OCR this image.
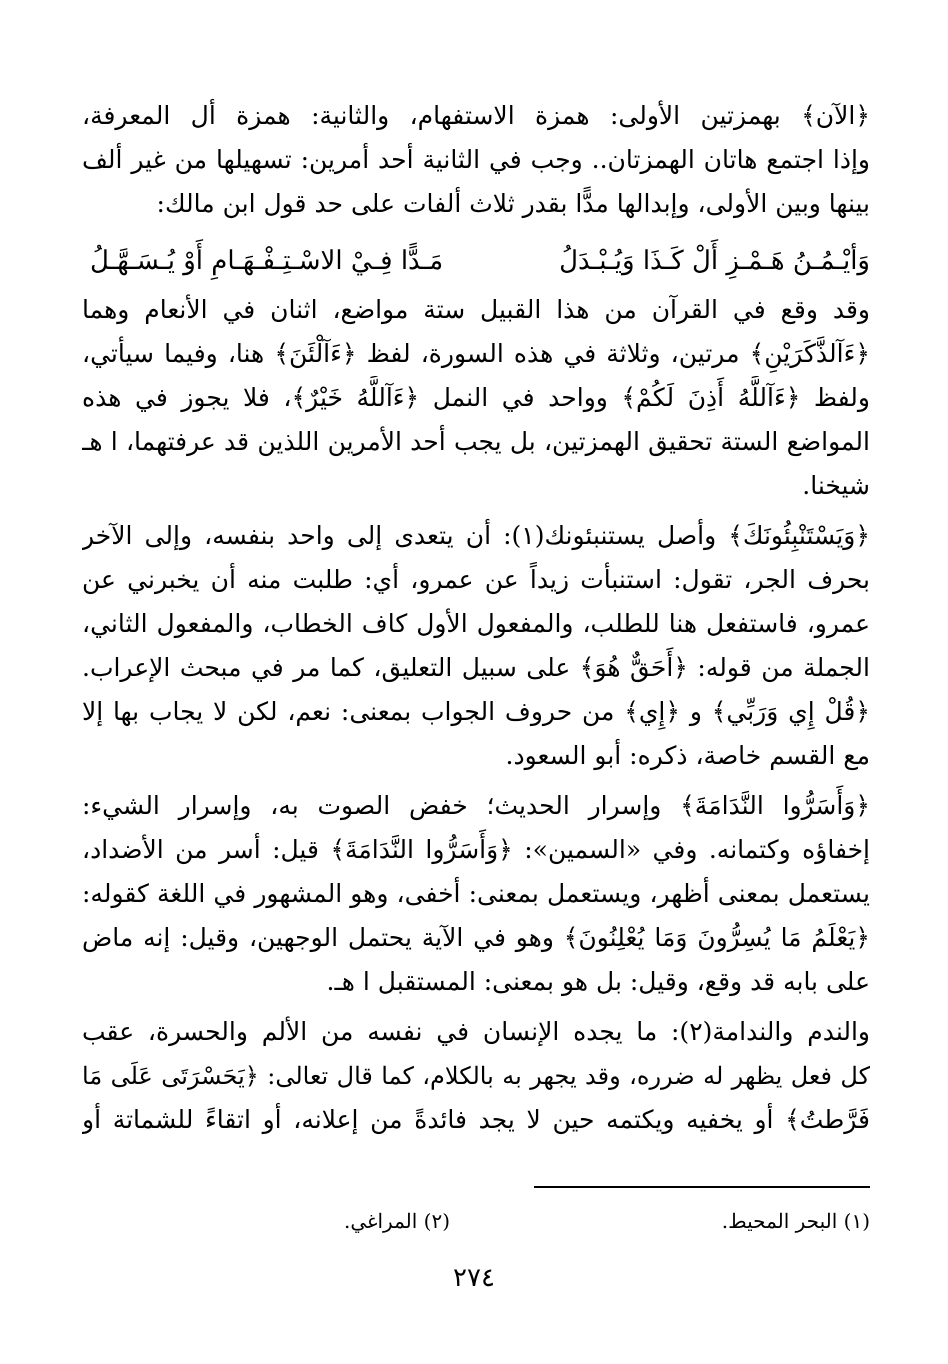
﴿الآن﴾ بهمزتين الأولى: همزة الاستفهام، والثانية: همزة أل المعرفة،
وإذا اجتمع هاتان الهمزتان.. وجب في الثانية أحد أمرين: تسهيلها من غير ألف
بينها وبين الأولى، وإبدالها مدًّا بقدر ثلاث ألفات على حد قول ابن مالك:
وَأيْـمُـنُ هَـمْـزِ أَلْ كَـذَا وَيُـبْـدَلُمَـدًّا فِـيْ الاسْـتِـفْـهَـامِ أَوْ يُـسَـهَّـلُ
وقد وقع في القرآن من هذا القبيل ستة مواضع، اثنان في الأنعام وهما
﴿ءَآلذَّكَرَيْنِ﴾ مرتين، وثلاثة في هذه السورة، لفظ ﴿ءَآلْئَنَ﴾ هنا، وفيما سيأتي،
ولفظ ﴿ءَآللَّهُ أَذِنَ لَكُمْ﴾ وواحد في النمل ﴿ءَآللَّهُ خَيْرٌ﴾، فلا يجوز في هذه
المواضع الستة تحقيق الهمزتين، بل يجب أحد الأمرين اللذين قد عرفتهما، ا هـ
شيخنا.
﴿وَيَسْتَنْبِئُونَكَ﴾ وأصل يستنبئونك(١): أن يتعدى إلى واحد بنفسه، وإلى الآخر
بحرف الجر، تقول: استنبأت زيداً عن عمرو، أي: طلبت منه أن يخبرني عن
عمرو، فاستفعل هنا للطلب، والمفعول الأول كاف الخطاب، والمفعول الثاني،
الجملة من قوله: ﴿أَحَقٌّ هُوَ﴾ على سبيل التعليق، كما مر في مبحث الإعراب.
﴿قُلْ إِي وَرَبِّي﴾ و ﴿إِي﴾ من حروف الجواب بمعنى: نعم، لكن لا يجاب بها إلا
مع القسم خاصة، ذكره: أبو السعود.
﴿وَأَسَرُّوا النَّدَامَةَ﴾ وإسرار الحديث؛ خفض الصوت به، وإسرار الشيء:
إخفاؤه وكتمانه. وفي «السمين»: ﴿وَأَسَرُّوا النَّدَامَةَ﴾ قيل: أسر من الأضداد،
يستعمل بمعنى أظهر، ويستعمل بمعنى: أخفى، وهو المشهور في اللغة كقوله:
﴿يَعْلَمُ مَا يُسِرُّونَ وَمَا يُعْلِنُونَ﴾ وهو في الآية يحتمل الوجهين، وقيل: إنه ماض
على بابه قد وقع، وقيل: بل هو بمعنى: المستقبل ا هـ.
والندم والندامة(٢): ما يجده الإنسان في نفسه من الألم والحسرة، عقب
كل فعل يظهر له ضرره، وقد يجهر به بالكلام، كما قال تعالى: ﴿يَحَسْرَتَى عَلَى مَا
فَرَّطتُ﴾ أو يخفيه ويكتمه حين لا يجد فائدةً من إعلانه، أو اتقاءً للشماتة أو
(١) البحر المحيط.
(٢) المراغي.
٢٧٤
